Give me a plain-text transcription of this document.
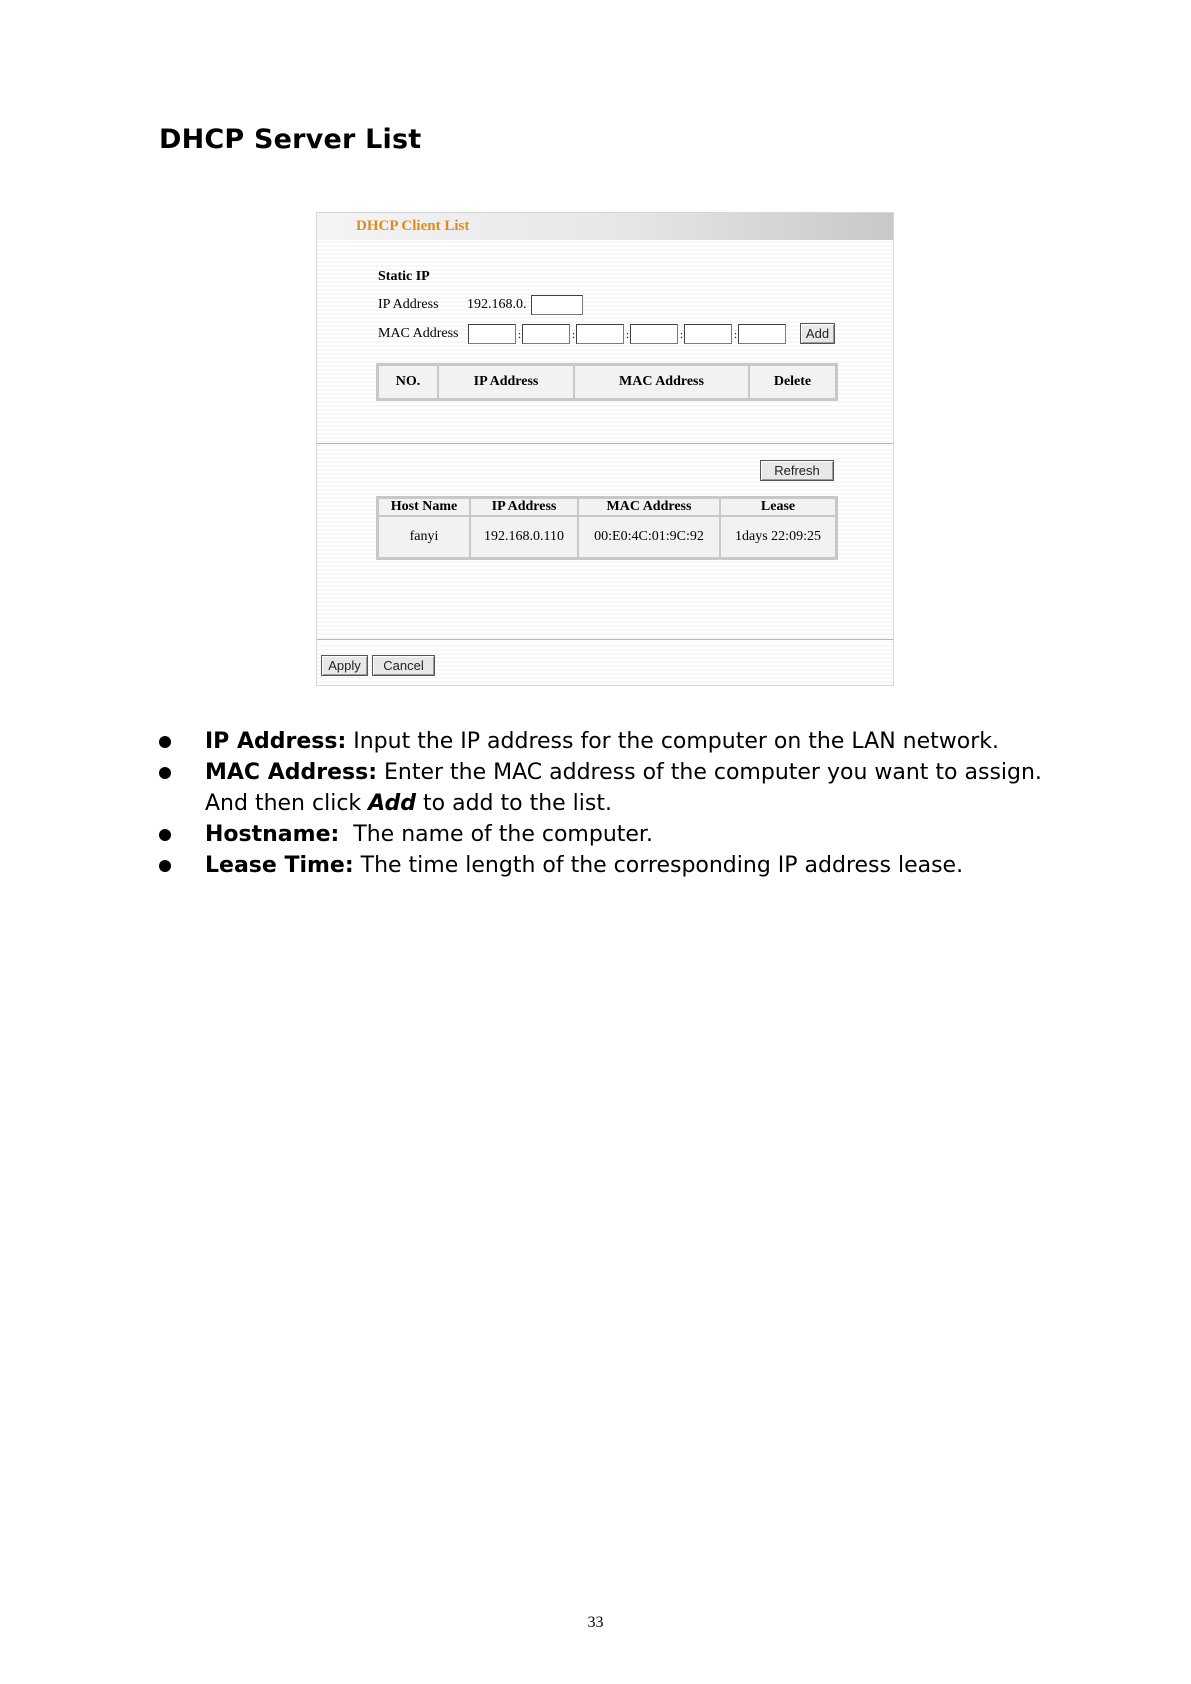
DHCP Server List
DHCP Client List
Static IP
IP Address 192.168.0.
MAC Address	:	:	:	:	:	Add
NO.	IP Address	MAC Address	Delete
Refresh
Host Name	IP Address	MAC Address	Lease
fanyi	192.168.0.110	00:E0:4C:01:9C:92	1days 22:09:25
Apply	Cancel
IP Address: Input the IP address for the computer on the LAN network.
MAC Address: Enter the MAC address of the computer you want to assign.
And then click Add to add to the list.
Hostname:  The name of the computer.
Lease Time: The time length of the corresponding IP address lease.
33
